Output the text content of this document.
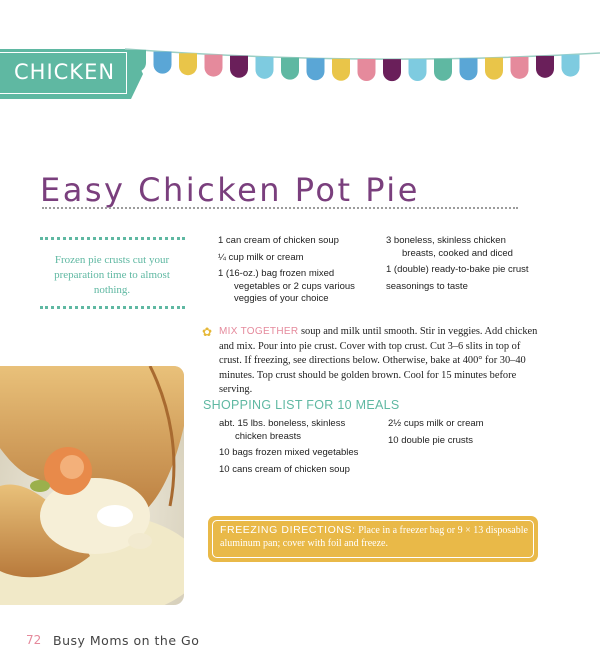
CHICKEN
Easy Chicken Pot Pie
Frozen pie crusts cut your preparation time to almost nothing.
1 can cream of chicken soup
¼ cup milk or cream
1 (16-oz.) bag frozen mixed vegetables or 2 cups various veggies of your choice
3 boneless, skinless chicken breasts, cooked and diced
1 (double) ready-to-bake pie crust
seasonings to taste
✿ MIX TOGETHER soup and milk until smooth. Stir in veggies. Add chicken and mix. Pour into pie crust. Cover with top crust. Cut 3–6 slits in top of crust. If freezing, see directions below. Otherwise, bake at 400° for 30–40 minutes. Top crust should be golden brown. Cool for 15 minutes before serving.
SHOPPING LIST FOR 10 MEALS
abt. 15 lbs. boneless, skinless chicken breasts
10 bags frozen mixed vegetables
10 cans cream of chicken soup
2½ cups milk or cream
10 double pie crusts
FREEZING DIRECTIONS: Place in a freezer bag or 9 × 13 disposable aluminum pan; cover with foil and freeze.
72 Busy Moms on the Go
